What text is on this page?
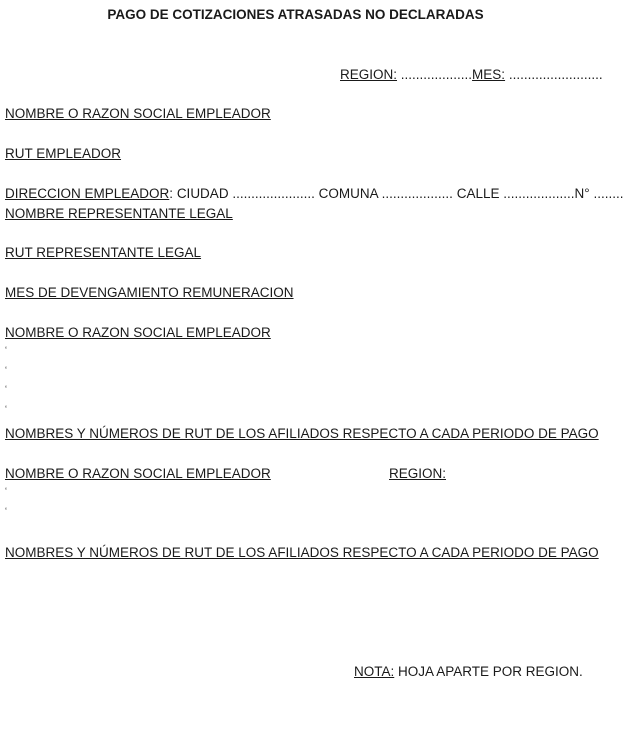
PAGO DE COTIZACIONES ATRASADAS NO DECLARADAS
REGION: ...................MES: .........................
NOMBRE O RAZON SOCIAL EMPLEADOR
RUT EMPLEADOR
DIRECCION EMPLEADOR: CIUDAD ...................... COMUNA ................... CALLE ...................N° ........
NOMBRE REPRESENTANTE LEGAL
RUT REPRESENTANTE LEGAL
MES DE DEVENGAMIENTO REMUNERACION
NOMBRE O RAZON SOCIAL EMPLEADOR
‘
‘
‘
‘
NOMBRES Y NÚMEROS DE RUT DE LOS AFILIADOS RESPECTO A CADA PERIODO DE PAGO
NOMBRE O RAZON SOCIAL EMPLEADOR	REGION:
‘
‘
NOMBRES Y NÚMEROS DE RUT DE LOS AFILIADOS RESPECTO A CADA PERIODO DE PAGO
NOTA: HOJA APARTE POR REGION.
